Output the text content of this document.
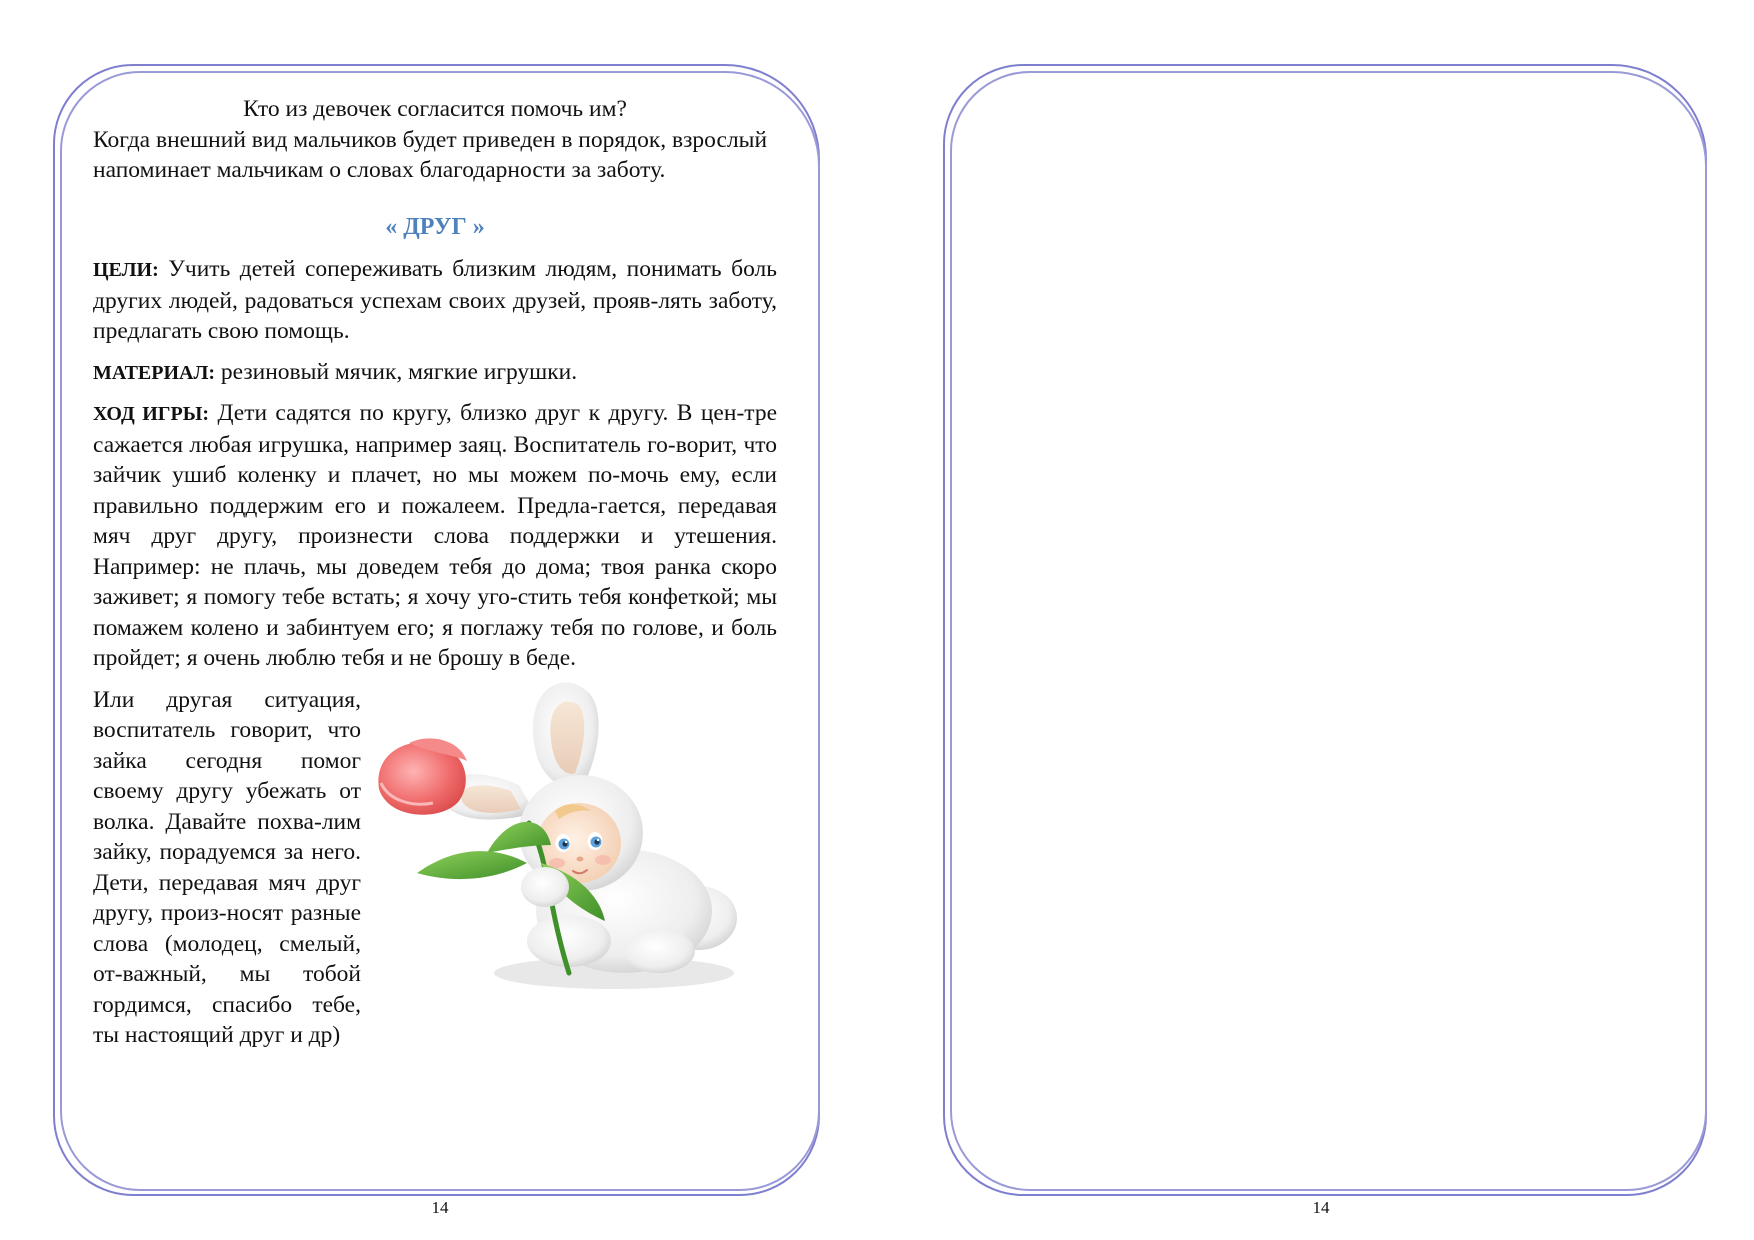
Кто из девочек согласится помочь им?

Когда внешний вид мальчиков будет приведен в порядок, взрослый напоминает мальчикам о словах благодарности за заботу.

« ДРУГ »

ЦЕЛИ: Учить детей сопереживать близким людям, понимать боль других людей, радоваться успехам своих друзей, прояв-лять заботу, предлагать свою помощь.

МАТЕРИАЛ: резиновый мячик, мягкие игрушки.

ХОД ИГРЫ: Дети садятся по кругу, близко друг к другу. В цен-тре сажается любая игрушка, например заяц. Воспитатель го-ворит, что зайчик ушиб коленку и плачет, но мы можем по-мочь ему, если правильно поддержим его и пожалеем. Предла-гается, передавая мяч друг другу, произнести слова поддержки и утешения. Например: не плачь, мы доведем тебя до дома; твоя ранка скоро заживет; я помогу тебе встать; я хочу уго-стить тебя конфеткой; мы помажем колено и забинтуем его; я поглажу тебя по голове, и боль пройдет; я очень люблю тебя и не брошу в беде.

Или другая ситуация, воспитатель говорит, что зайка сегодня помог своему другу убежать от волка. Давайте похва-лим зайку, порадуемся за него. Дети, передавая мяч друг другу, произ-носят разные слова (молодец, смелый, от-важный, мы тобой гордимся, спасибо тебе, ты настоящий друг и др)

14	14
